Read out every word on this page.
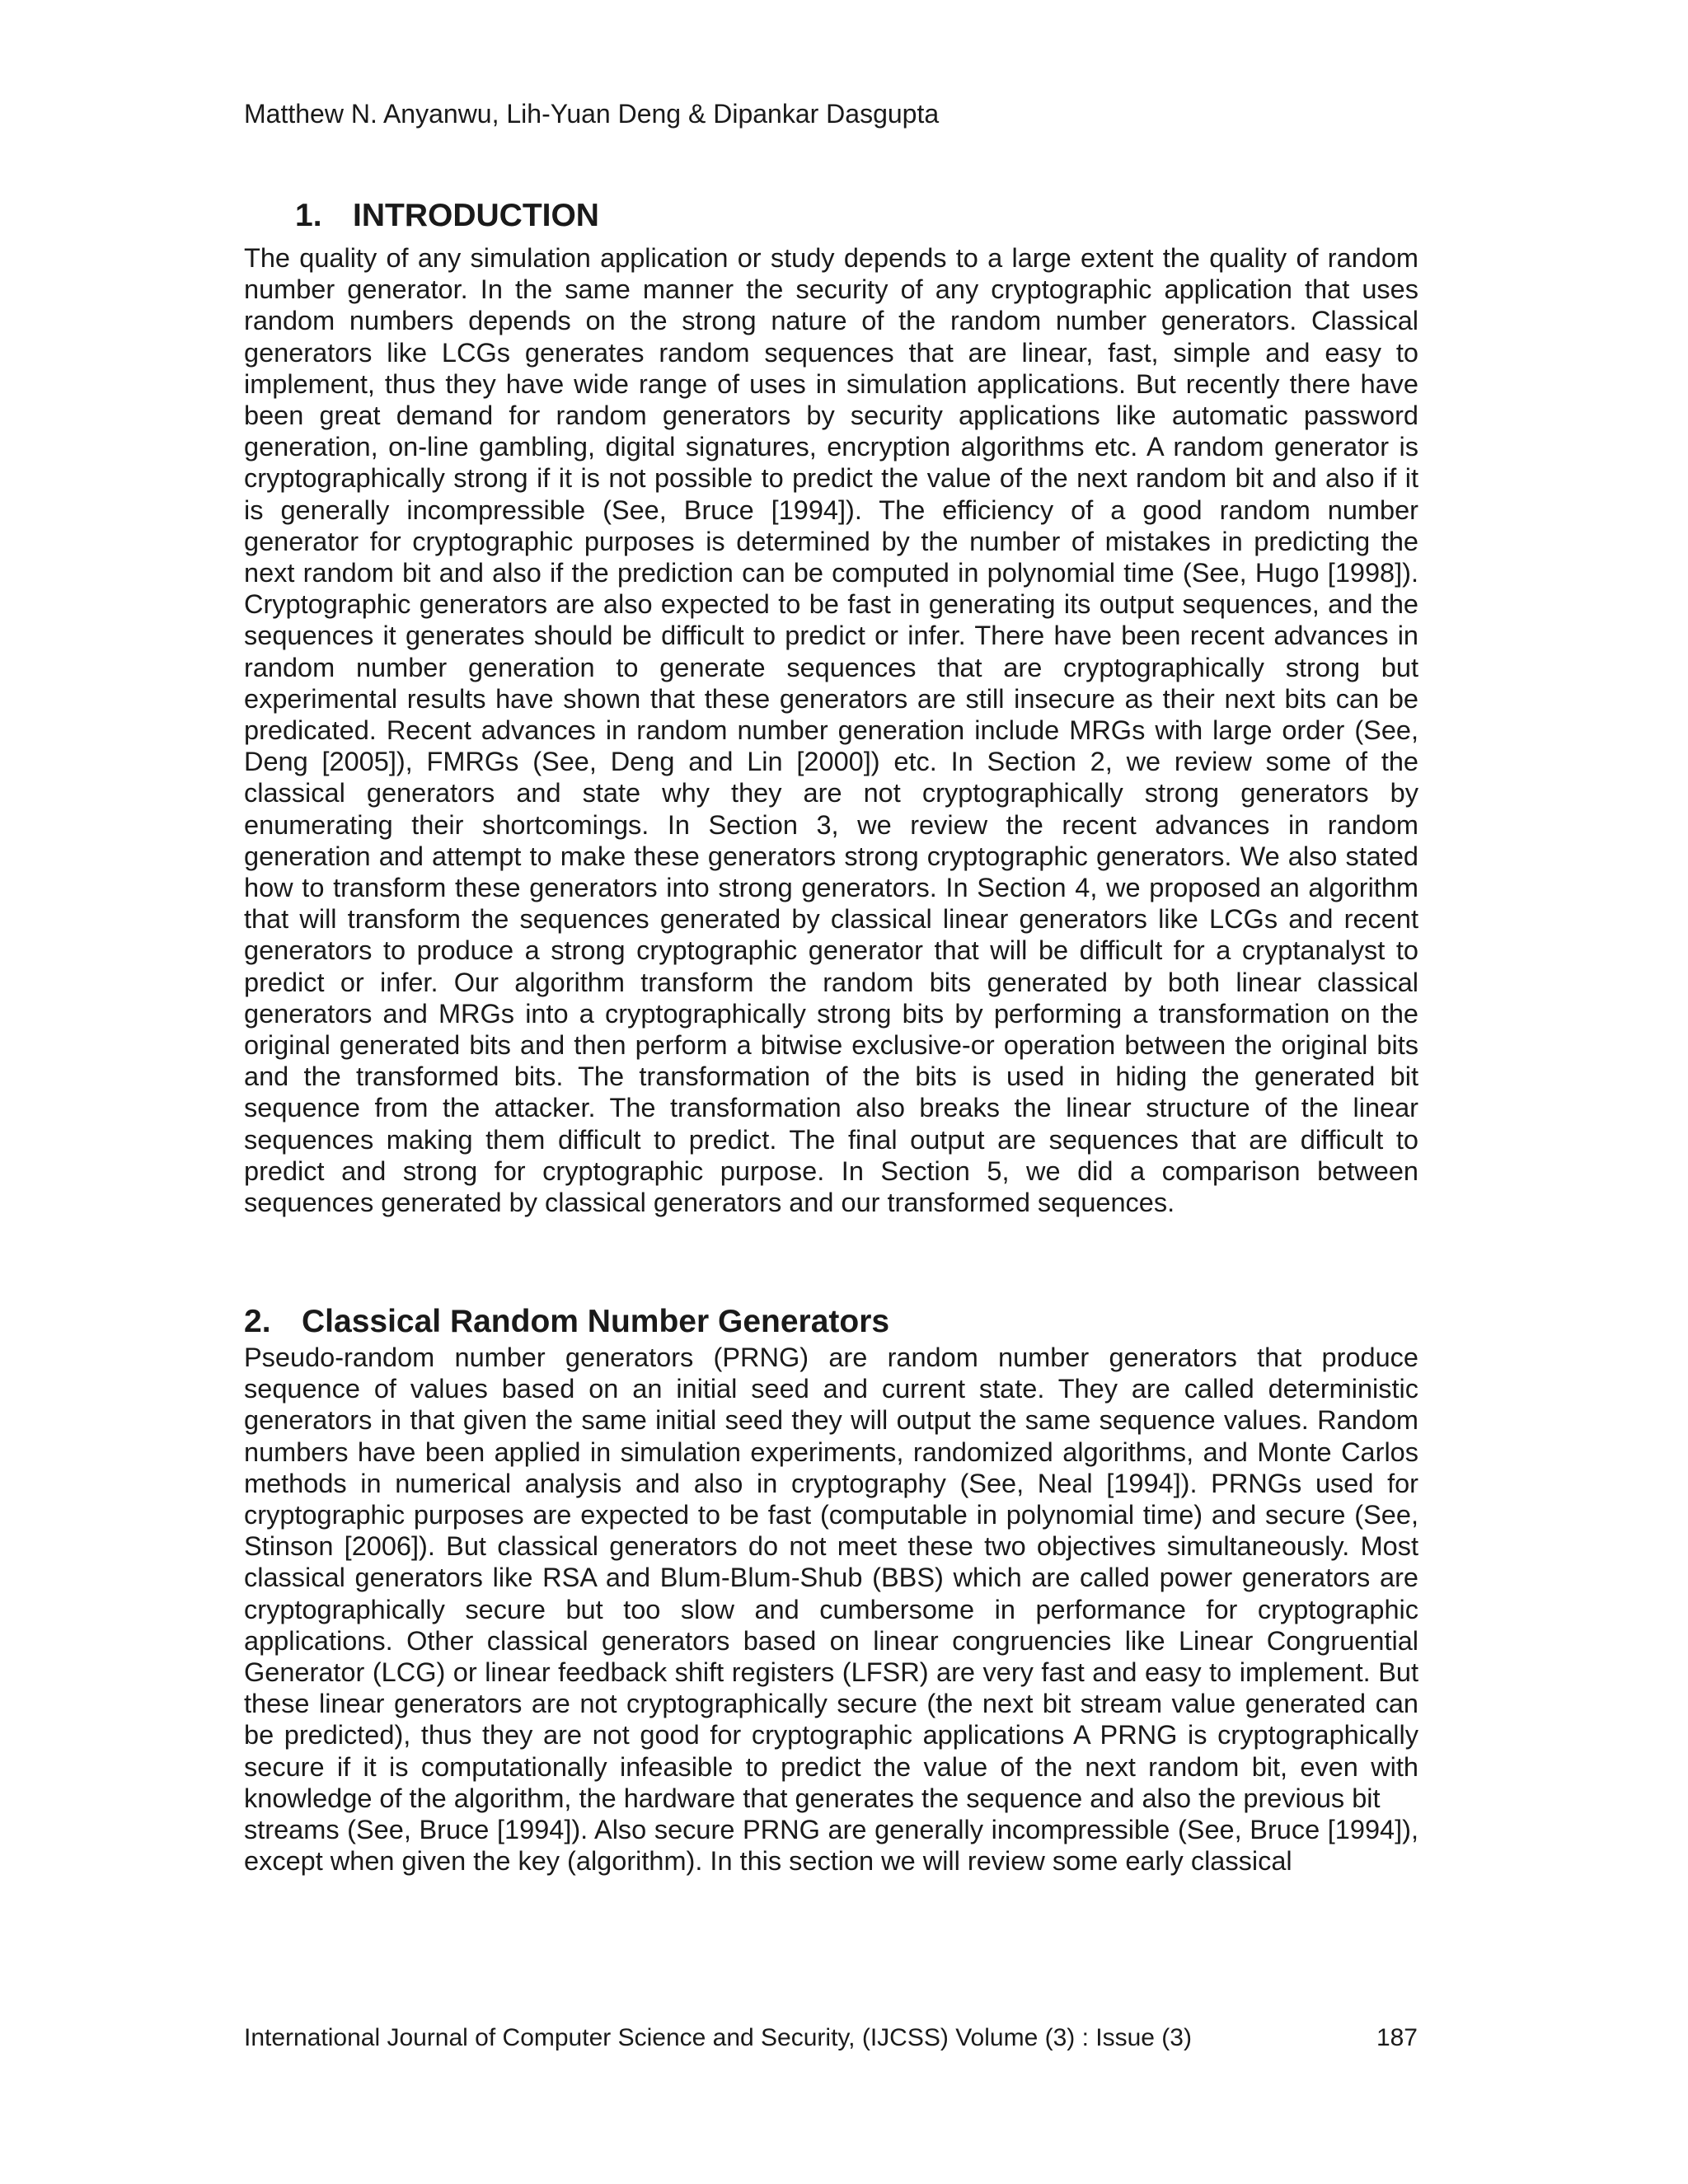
Matthew N. Anyanwu, Lih-Yuan Deng & Dipankar Dasgupta
1. INTRODUCTION

The quality of any simulation application or study depends to a large extent the quality of random number generator. In the same manner the security of any cryptographic application that uses random numbers depends on the strong nature of the random number generators. Classical generators like LCGs generates random sequences that are linear, fast, simple and easy to implement, thus they have wide range of uses in simulation applications. But recently there have been great demand for random generators by security applications like automatic password generation, on-line gambling, digital signatures, encryption algorithms etc. A random generator is cryptographically strong if it is not possible to predict the value of the next random bit and also if it is generally incompressible (See, Bruce [1994]). The efficiency of a good random number generator for cryptographic purposes is determined by the number of mistakes in predicting the next random bit and also if the prediction can be computed in polynomial time (See, Hugo [1998]). Cryptographic generators are also expected to be fast in generating its output sequences, and the sequences it generates should be difficult to predict or infer. There have been recent advances in random number generation to generate sequences that are cryptographically strong but experimental results have shown that these generators are still insecure as their next bits can be predicated. Recent advances in random number generation include MRGs with large order (See, Deng [2005]), FMRGs (See, Deng and Lin [2000]) etc. In Section 2, we review some of the classical generators and state why they are not cryptographically strong generators by enumerating their shortcomings. In Section 3, we review the recent advances in random generation and attempt to make these generators strong cryptographic generators. We also stated how to transform these generators into strong generators. In Section 4, we proposed an algorithm that will transform the sequences generated by classical linear generators like LCGs and recent generators to produce a strong cryptographic generator that will be difficult for a cryptanalyst to predict or infer. Our algorithm transform the random bits generated by both linear classical generators and MRGs into a cryptographically strong bits by performing a transformation on the original generated bits and then perform a bitwise exclusive-or operation between the original bits and the transformed bits. The transformation of the bits is used in hiding the generated bit sequence from the attacker. The transformation also breaks the linear structure of the linear sequences making them difficult to predict. The final output are sequences that are difficult to predict and strong for cryptographic purpose. In Section 5, we did a comparison between sequences generated by classical generators and our transformed sequences.

2. Classical Random Number Generators

Pseudo-random number generators (PRNG) are random number generators that produce sequence of values based on an initial seed and current state. They are called deterministic generators in that given the same initial seed they will output the same sequence values. Random numbers have been applied in simulation experiments, randomized algorithms, and Monte Carlos methods in numerical analysis and also in cryptography (See, Neal [1994]). PRNGs used for cryptographic purposes are expected to be fast (computable in polynomial time) and secure (See, Stinson [2006]). But classical generators do not meet these two objectives simultaneously. Most classical generators like RSA and Blum-Blum-Shub (BBS) which are called power generators are cryptographically secure but too slow and cumbersome in performance for cryptographic applications. Other classical generators based on linear congruencies like Linear Congruential Generator (LCG) or linear feedback shift registers (LFSR) are very fast and easy to implement. But these linear generators are not cryptographically secure (the next bit stream value generated can be predicted), thus they are not good for cryptographic applications A PRNG is cryptographically secure if it is computationally infeasible to predict the value of the next random bit, even with knowledge of the algorithm, the hardware that generates the sequence and also the previous bit

streams (See, Bruce [1994]). Also secure PRNG are generally incompressible (See, Bruce [1994]), except when given the key (algorithm). In this section we will review some early classical

International Journal of Computer Science and Security, (IJCSS) Volume (3) : Issue (3)	187
